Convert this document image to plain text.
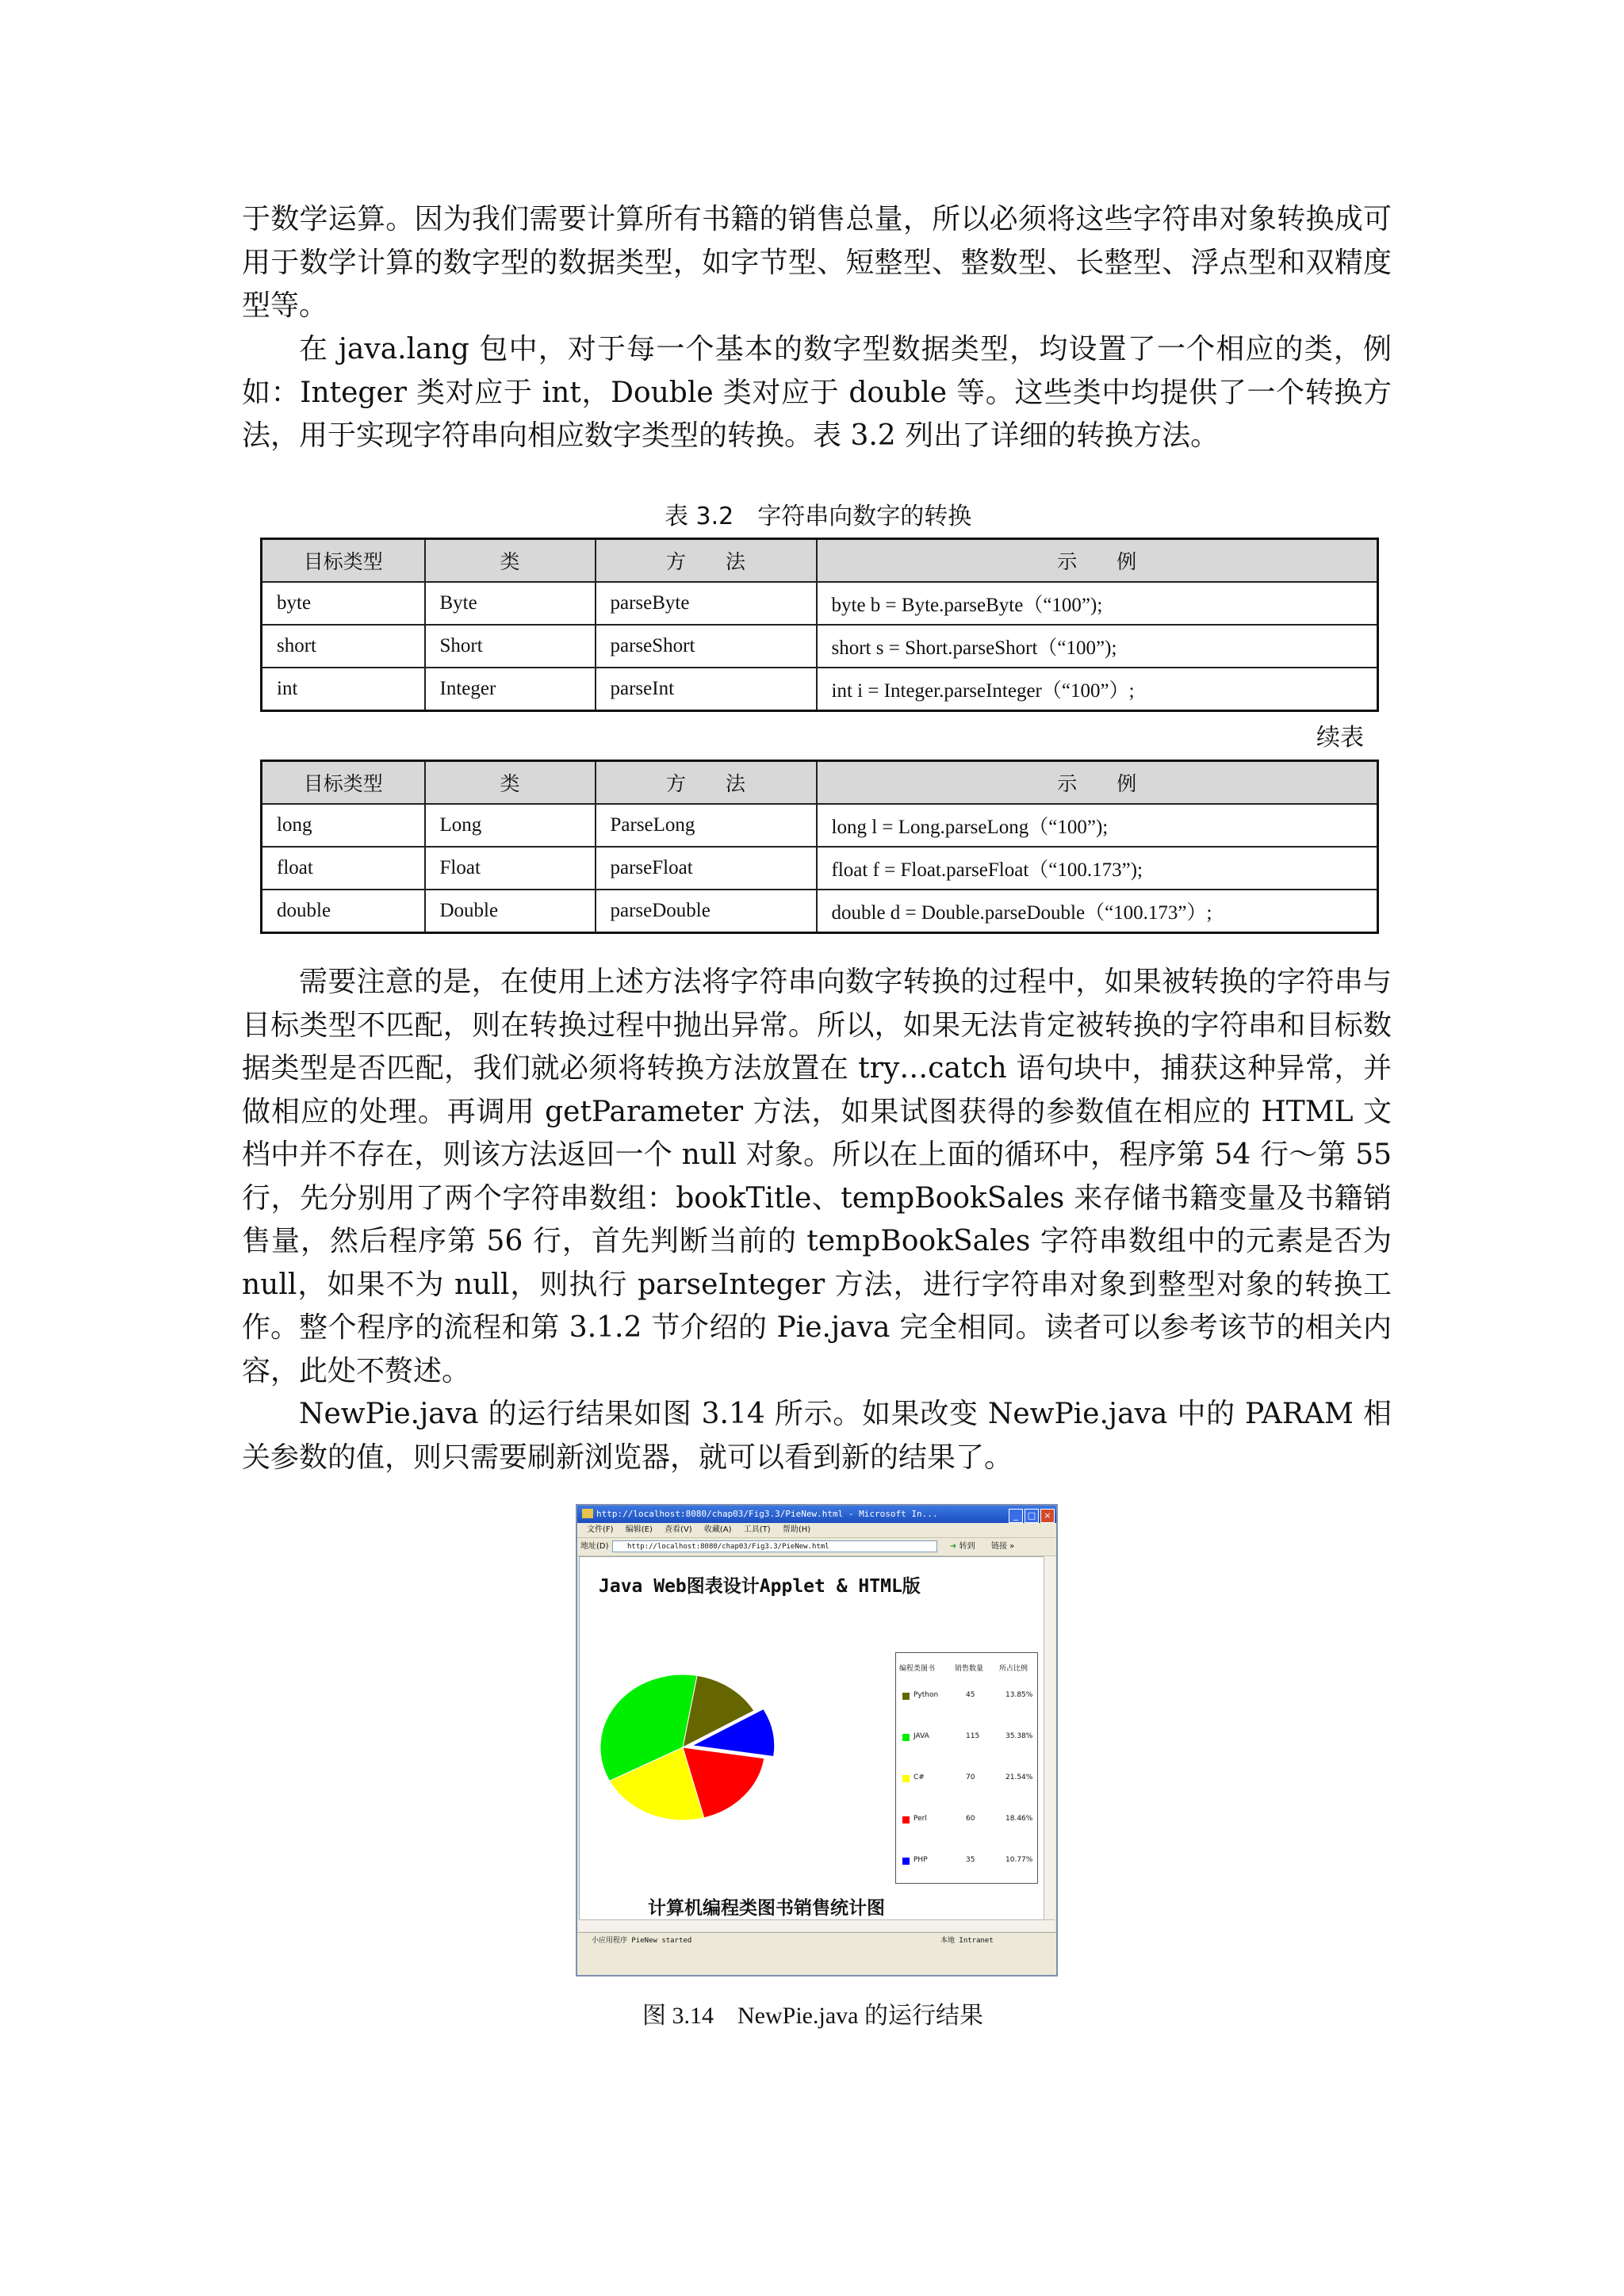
于数学运算。因为我们需要计算所有书籍的销售总量，所以必须将这些字符串对象转换成可用于数学计算的数字型的数据类型，如字节型、短整型、整数型、长整型、浮点型和双精度型等。

在 java.lang 包中，对于每一个基本的数字型数据类型，均设置了一个相应的类，例如：Integer 类对应于 int，Double 类对应于 double 等。这些类中均提供了一个转换方法，用于实现字符串向相应数字类型的转换。表 3.2 列出了详细的转换方法。

表 3.2　字符串向数字的转换
目标类型	类	方　　法	示　　例
byte	Byte	parseByte	byte b = Byte.parseByte（“100”);
short	Short	parseShort	short s = Short.parseShort（“100”);
int	Integer	parseInt	int i = Integer.parseInteger（“100”）;
续表
目标类型	类	方　　法	示　　例
long	Long	ParseLong	long l = Long.parseLong（“100”);
float	Float	parseFloat	float f = Float.parseFloat（“100.173”);
double	Double	parseDouble	double d = Double.parseDouble（“100.173”）;

需要注意的是，在使用上述方法将字符串向数字转换的过程中，如果被转换的字符串与目标类型不匹配，则在转换过程中抛出异常。所以，如果无法肯定被转换的字符串和目标数据类型是否匹配，我们就必须将转换方法放置在 try…catch 语句块中，捕获这种异常，并做相应的处理。再调用 getParameter 方法，如果试图获得的参数值在相应的 HTML 文档中并不存在，则该方法返回一个 null 对象。所以在上面的循环中，程序第 54 行～第 55 行，先分别用了两个字符串数组：bookTitle、tempBookSales 来存储书籍变量及书籍销售量，然后程序第 56 行，首先判断当前的 tempBookSales 字符串数组中的元素是否为 null，如果不为 null，则执行 parseInteger 方法，进行字符串对象到整型对象的转换工作。 整个程序的流程和第 3.1.2 节介绍的 Pie.java 完全相同。读者可以参考该节的相关内容，此处不赘述。

NewPie.java 的运行结果如图 3.14 所示。如果改变 NewPie.java 中的 PARAM 相关参数的值，则只需要刷新浏览器，就可以看到新的结果了。

http://localhost:8080/chap03/Fig3.3/PieNew.html - Microsoft In...	_ □ ×
文件(F) 编辑(E) 查看(V) 收藏(A) 工具(T) 帮助(H)
地址(D)	http://localhost:8080/chap03/Fig3.3/PieNew.html	➜ 转到 链接 »
Java Web图表设计Applet & HTML版
编程类图书	销售数量 所占比例
Python	45	13.85%
JAVA	115	35.38%
C#	70	21.54%
Perl	60	18.46%
PHP	35	10.77%
计算机编程类图书销售统计图
小应用程序 PieNew started	本地 Intranet
图 3.14　NewPie.java 的运行结果
